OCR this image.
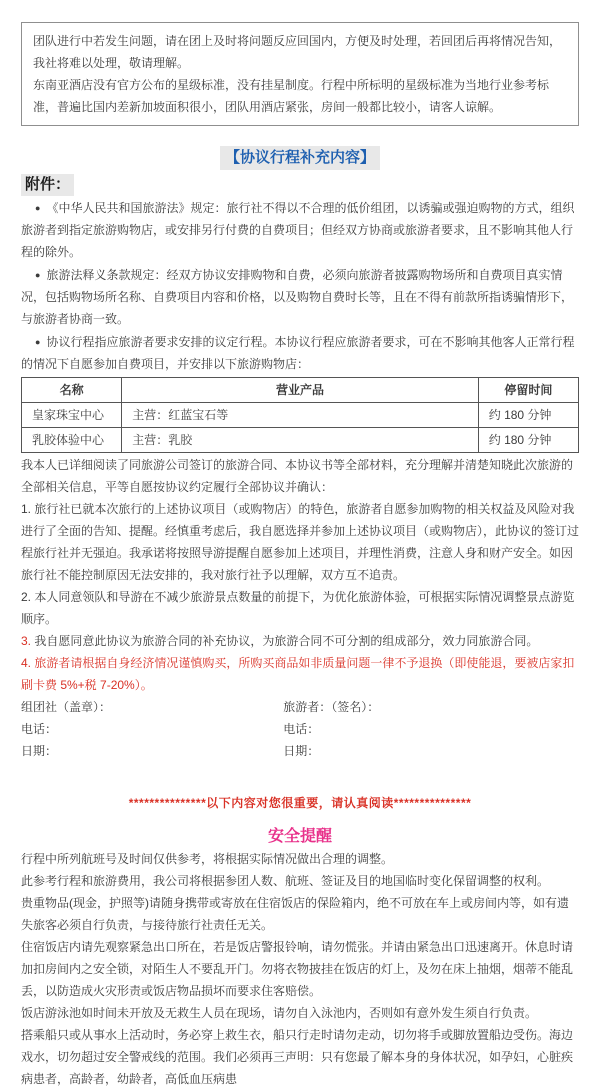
团队进行中若发生问题，请在团上及时将问题反应回国内，方便及时处理，若回团后再将情况告知，我社将难以处理，敬请理解。

东南亚酒店没有官方公布的星级标准，没有挂星制度。行程中所标明的星级标准为当地行业参考标准，普遍比国内差新加坡面积很小，团队用酒店紧张，房间一般都比较小，请客人谅解。

【协议行程补充内容】
附件：

● 《中华人民共和国旅游法》规定：旅行社不得以不合理的低价组团，以诱骗或强迫购物的方式，组织旅游者到指定旅游购物店，或安排另行付费的自费项目；但经双方协商或旅游者要求，且不影响其他人行程的除外。

● 旅游法释义条款规定：经双方协议安排购物和自费，必须向旅游者披露购物场所和自费项目真实情况，包括购物场所名称、自费项目内容和价格，以及购物自费时长等，且在不得有前款所指诱骗情形下，与旅游者协商一致。

● 协议行程指应旅游者要求安排的议定行程。本协议行程应旅游者要求，可在不影响其他客人正常行程的情况下自愿参加自费项目，并安排以下旅游购物店：

名称	营业产品	停留时间
皇家珠宝中心	主营：红蓝宝石等	约 180 分钟
乳胶体验中心	主营：乳胶	约 180 分钟

我本人已详细阅读了同旅游公司签订的旅游合同、本协议书等全部材料，充分理解并清楚知晓此次旅游的全部相关信息，平等自愿按协议约定履行全部协议并确认：

1. 旅行社已就本次旅行的上述协议项目（或购物店）的特色，旅游者自愿参加购物的相关权益及风险对我进行了全面的告知、提醒。经慎重考虑后，我自愿选择并参加上述协议项目（或购物店），此协议的签订过程旅行社并无强迫。我承诺将按照导游提醒自愿参加上述项目，并理性消费，注意人身和财产安全。如因旅行社不能控制原因无法安排的，我对旅行社予以理解，双方互不追责。

2. 本人同意领队和导游在不减少旅游景点数量的前提下，为优化旅游体验，可根据实际情况调整景点游览顺序。

3. 我自愿同意此协议为旅游合同的补充协议，为旅游合同不可分割的组成部分，效力同旅游合同。

4. 旅游者请根据自身经济情况谨慎购买，所购买商品如非质量问题一律不予退换（即使能退，要被店家扣刷卡费 5%+税 7-20%）。

组团社（盖章）：	旅游者：（签名）：
电话：	电话：
日期：	日期：

***************以下内容对您很重要，请认真阅读***************

安全提醒

行程中所列航班号及时间仅供参考，将根据实际情况做出合理的调整。

此参考行程和旅游费用，我公司将根据参团人数、航班、签证及目的地国临时变化保留调整的权利。

贵重物品(现金，护照等)请随身携带或寄放在住宿饭店的保险箱内，绝不可放在车上或房间内等，如有遗失旅客必须自行负责，与接待旅行社责任无关。

住宿饭店内请先观察紧急出口所在，若是饭店警报铃响，请勿慌张。并请由紧急出口迅速离开。休息时请加扣房间内之安全锁，对陌生人不要乱开门。勿将衣物披挂在饭店的灯上，及勿在床上抽烟，烟蒂不能乱丢，以防造成火灾形责或饭店物品损坏而要求住客赔偿。

饭店游泳池如时间未开放及无救生人员在现场，请勿自入泳池内，否则如有意外发生须自行负责。

搭乘船只或从事水上活动时，务必穿上救生衣，船只行走时请勿走动，切勿将手或脚放置船边受伤。海边戏水，切勿超过安全警戒线的范围。我们必须再三声明：只有您最了解本身的身体状况，如孕妇，心脏疾病患者，高龄者，幼龄者，高低血压病患
